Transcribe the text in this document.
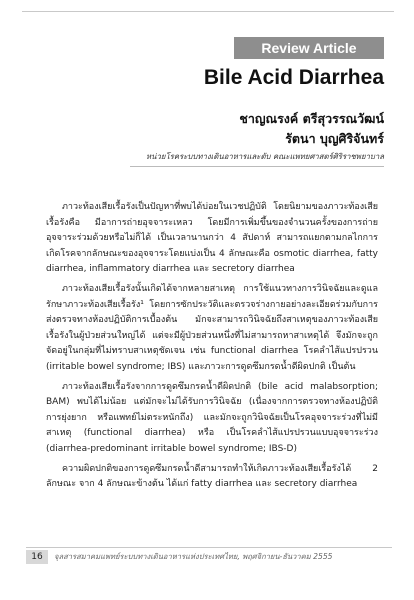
Review Article
Bile Acid Diarrhea
ชาญณรงค์ ตรีสุวรรณวัฒน์
รัตนา บุญศิริจันทร์
หน่วยโรคระบบทางเดินอาหารและตับ คณะแพทยศาสตร์ศิริราชพยาบาล

ภาวะท้องเสียเรื้อรังเป็นปัญหาที่พบได้บ่อยในเวชปฏิบัติ โดยนิยามของภาวะท้องเสียเรื้อรังคือ มีอาการถ่ายอุจจาระเหลว โดยมีการเพิ่มขึ้นของจำนวนครั้งของการถ่ายอุจจาระร่วมด้วยหรือไม่ก็ได้ เป็นเวลานานกว่า 4 สัปดาห์ สามารถแยกตามกลไกการเกิดโรคจากลักษณะของอุจจาระโดยแบ่งเป็น 4 ลักษณะคือ osmotic diarrhea, fatty diarrhea, inflammatory diarrhea และ secretory diarrhea

ภาวะท้องเสียเรื้อรังนั้นเกิดได้จากหลายสาเหตุ การใช้แนวทางการวินิจฉัยและดูแลรักษาภาวะท้องเสียเรื้อรัง¹ โดยการซักประวัติและตรวจร่างกายอย่างละเอียดร่วมกับการส่งตรวจทางห้องปฏิบัติการเบื้องต้น มักจะสามารถวินิจฉัยถึงสาเหตุของภาวะท้องเสียเรื้อรังในผู้ป่วยส่วนใหญ่ได้ แต่จะมีผู้ป่วยส่วนหนึ่งที่ไม่สามารถหาสาเหตุได้ จึงมักจะถูกจัดอยู่ในกลุ่มที่ไม่ทราบสาเหตุชัดเจน เช่น functional diarrhea โรคลำไส้แปรปรวน (irritable bowel syndrome; IBS) และภาวะการดูดซึมกรดน้ำดีผิดปกติ เป็นต้น

ภาวะท้องเสียเรื้อรังจากการดูดซึมกรดน้ำดีผิดปกติ (bile acid malabsorption; BAM) พบได้ไม่น้อย แต่มักจะไม่ได้รับการวินิจฉัย (เนื่องจากการตรวจทางห้องปฏิบัติการยุ่งยาก หรือแพทย์ไม่ตระหนักถึง) และมักจะถูกวินิจฉัยเป็นโรคอุจจาระร่วงที่ไม่มีสาเหตุ (functional diarrhea) หรือ เป็นโรคลำไส้แปรปรวนแบบอุจจาระร่วง (diarrhea-predominant irritable bowel syndrome; IBS-D)

ความผิดปกติของการดูดซึมกรดน้ำดีสามารถทำให้เกิดภาวะท้องเสียเรื้อรังได้ 2 ลักษณะ จาก 4 ลักษณะข้างต้น ได้แก่ fatty diarrhea และ secretory diarrhea

16	จุลสารสมาคมแพทย์ระบบทางเดินอาหารแห่งประเทศไทย, พฤศจิกายน-ธันวาคม 2555
